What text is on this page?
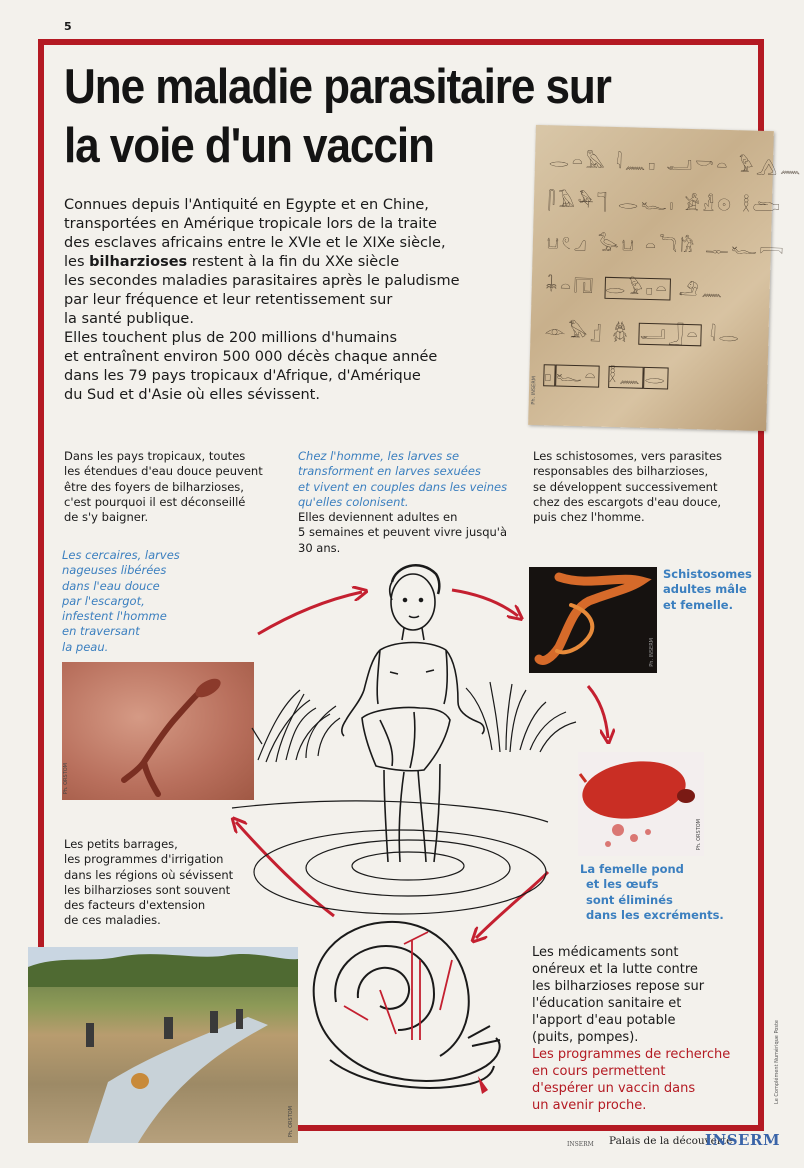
5
Une maladie parasitaire sur
la voie d'un vaccin
Connues depuis l'Antiquité en Egypte et en Chine,
transportées en Amérique tropicale lors de la traite
des esclaves africains entre le XVIe et le XIXe siècle,
les bilharzioses restent à la fin du XXe siècle
les secondes maladies parasitaires après le paludisme
par leur fréquence et leur retentissement sur
la santé publique.
Elles touchent plus de 200 millions d'humains
et entraînent environ 500 000 décès chaque année
dans les 79 pays tropicaux d'Afrique, d'Amérique
du Sud et d'Asie où elles sévissent.
𓂋𓏏𓅓 𓇋𓈖𓊪 𓂝𓎡𓏏 𓅱𓂻𓈖
𓋴𓄿𓅆𓊹 𓂋𓆑𓏤 𓀀𓁐𓇳 𓎛𓂧
𓂓𓏲𓈎 𓅭𓂓 𓏏𓆓𓀗 𓊃𓆑𓇯
𓇓𓏏𓉔 𓂋𓅱𓊪𓏏 𓄂𓈖
𓁹𓅃𓊨 𓆣 𓂝𓃀𓏏 𓇋𓂋
𓊪𓆑𓏏 𓎛𓈖𓂋
Ph. INSERM
Dans les pays tropicaux, toutes
les étendues d'eau douce peuvent
être des foyers de bilharzioses,
c'est pourquoi il est déconseillé
de s'y baigner.
Chez l'homme, les larves se
transforment en larves sexuées
et vivent en couples dans les veines
qu'elles colonisent.
Elles deviennent adultes en
5 semaines et peuvent vivre jusqu'à
30 ans.
Les schistosomes, vers parasites
responsables des bilharzioses,
se développent successivement
chez des escargots d'eau douce,
puis chez l'homme.
Les cercaires, larves
nageuses libérées
dans l'eau douce
par l'escargot,
infestent l'homme
en traversant
la peau.
Schistosomes
adultes mâle
et femelle.
Les petits barrages,
les programmes d'irrigation
dans les régions où sévissent
les bilharzioses sont souvent
des facteurs d'extension
de ces maladies.
La femelle pond
et les œufs
sont éliminés
dans les excréments.
Les médicaments sont
onéreux et la lutte contre
les bilharzioses repose sur
l'éducation sanitaire et
l'apport d'eau potable
(puits, pompes).
Les programmes de recherche
en cours permettent
d'espérer un vaccin dans
un avenir proche.
Ph. ORSTOM
Ph. INSERM
Ph. ORSTOM
Ph. ORSTOM
INSERM Palais de la découverte
INSERM
Le Complément Numérique Poste
